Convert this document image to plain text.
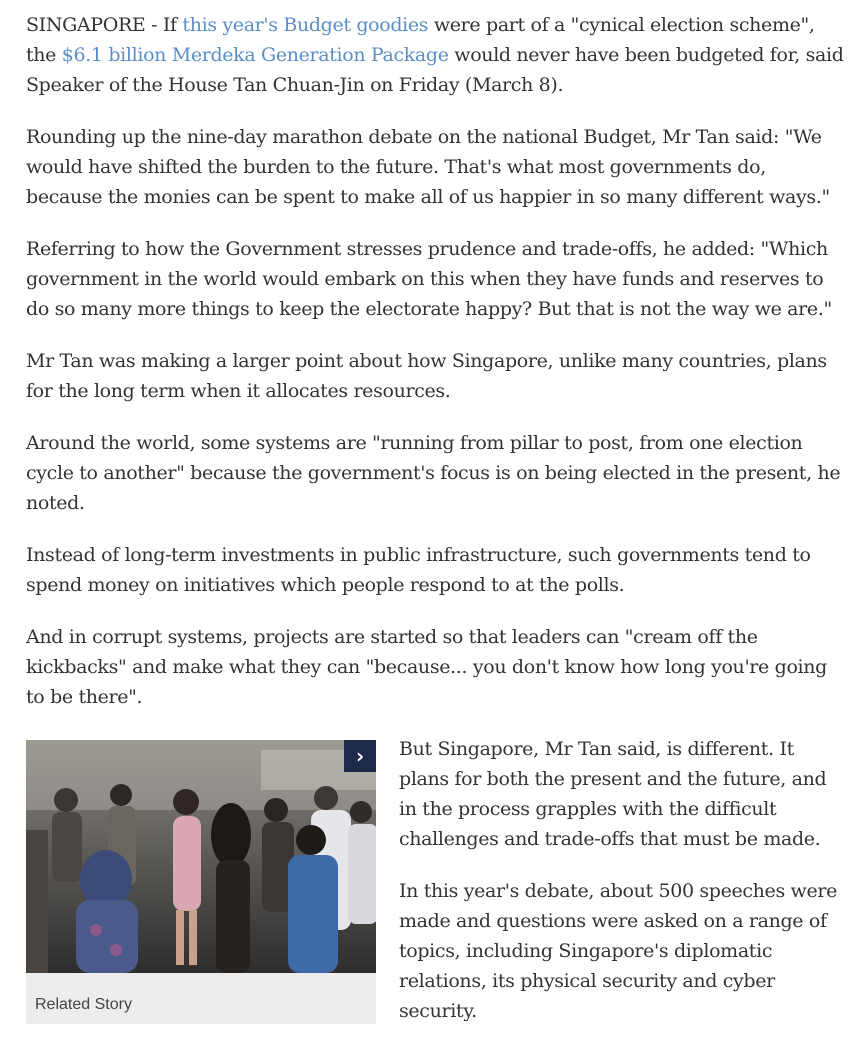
SINGAPORE - If this year's Budget goodies were part of a "cynical election scheme", the $6.1 billion Merdeka Generation Package would never have been budgeted for, said Speaker of the House Tan Chuan-Jin on Friday (March 8).

Rounding up the nine-day marathon debate on the national Budget, Mr Tan said: "We would have shifted the burden to the future. That's what most governments do, because the monies can be spent to make all of us happier in so many different ways."

Referring to how the Government stresses prudence and trade-offs, he added: "Which government in the world would embark on this when they have funds and reserves to do so many more things to keep the electorate happy? But that is not the way we are."

Mr Tan was making a larger point about how Singapore, unlike many countries, plans for the long term when it allocates resources.

Around the world, some systems are "running from pillar to post, from one election cycle to another" because the government's focus is on being elected in the present, he noted.

Instead of long-term investments in public infrastructure, such governments tend to spend money on initiatives which people respond to at the polls.

And in corrupt systems, projects are started so that leaders can "cream off the kickbacks" and make what they can "because... you don't know how long you're going to be there".

›
Related Story

But Singapore, Mr Tan said, is different. It plans for both the present and the future, and in the process grapples with the difficult challenges and trade-offs that must be made.

In this year's debate, about 500 speeches were made and questions were asked on a range of topics, including Singapore's diplomatic relations, its physical security and cyber security.
